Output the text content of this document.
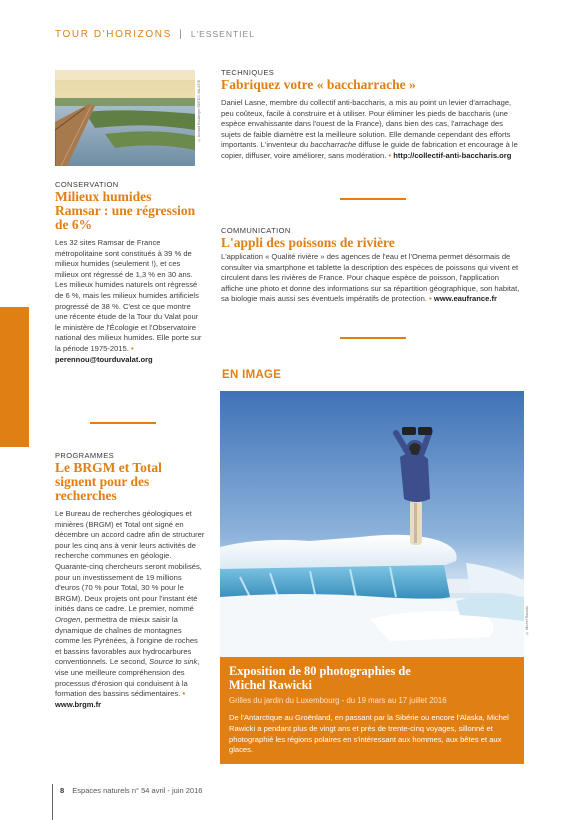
TOUR D'HORIZONS | L'ESSENTIEL
© Arnaud Boulanger/SEEDS VALAT/B
TECHNIQUES
Fabriquez votre « baccharrache »
Daniel Lasne, membre du collectif anti-baccharis, a mis au point un levier d'arrachage, peu coûteux, facile à construire et à utiliser. Pour éliminer les pieds de baccharis (une espèce envahissante dans l'ouest de la France), dans bien des cas, l'arrachage des sujets de faible diamètre est la meilleure solution. Elle demande cependant des efforts importants. L'inventeur du baccharrache diffuse le guide de fabrication et encourage à le copier, diffuser, voire améliorer, sans modération. • http://collectif-anti-baccharis.org
CONSERVATION
Milieux humides Ramsar : une régression de 6%
Les 32 sites Ramsar de France métropolitaine sont constitués à 39 % de milieux humides (seulement !), et ces milieux ont régressé de 1,3 % en 30 ans. Les milieux humides naturels ont régressé de 6 %, mais les milieux humides artificiels progressé de 38 %. C'est ce que montre une récente étude de la Tour du Valat pour le ministère de l'Écologie et l'Observatoire national des milieux humides. Elle porte sur la période 1975-2015. • perennou@tourduvalat.org
COMMUNICATION
L'appli des poissons de rivière
L'application « Qualité rivière » des agences de l'eau et l'Onema permet désormais de consulter via smartphone et tablette la description des espèces de poissons qui vivent et circulent dans les rivières de France. Pour chaque espèce de poisson, l'application affiche une photo et donne des informations sur sa répartition géographique, son habitat, sa biologie mais aussi ses éventuels impératifs de protection. • www.eaufrance.fr
PROGRAMMES
Le BRGM et Total signent pour des recherches
Le Bureau de recherches géologiques et minières (BRGM) et Total ont signé en décembre un accord cadre afin de structurer pour les cinq ans à venir leurs activités de recherche communes en géologie. Quarante-cinq chercheurs seront mobilisés, pour un investissement de 19 millions d'euros (70 % pour Total, 30 % pour le BRGM). Deux projets ont pour l'instant été initiés dans ce cadre. Le premier, nommé Orogen, permettra de mieux saisir la dynamique de chaînes de montagnes comme les Pyrénées, à l'origine de roches et bassins favorables aux hydrocarbures conventionnels. Le second, Source to sink, vise une meilleure compréhension des processus d'érosion qui conduisent à la formation des bassins sédimentaires. • www.brgm.fr
EN IMAGE
© Michel Rawicki
Exposition de 80 photographies de Michel Rawicki
Grilles du jardin du Luxembourg - du 19 mars au 17 juillet 2016
De l'Antarctique au Groënland, en passant par la Sibérie ou encore l'Alaska, Michel Rawicki a pendant plus de vingt ans et près de trente-cinq voyages, sillonné et photographié les régions polaires en s'intéressant aux hommes, aux bêtes et aux glaces.
8 Espaces naturels n° 54 avril - juin 2016
